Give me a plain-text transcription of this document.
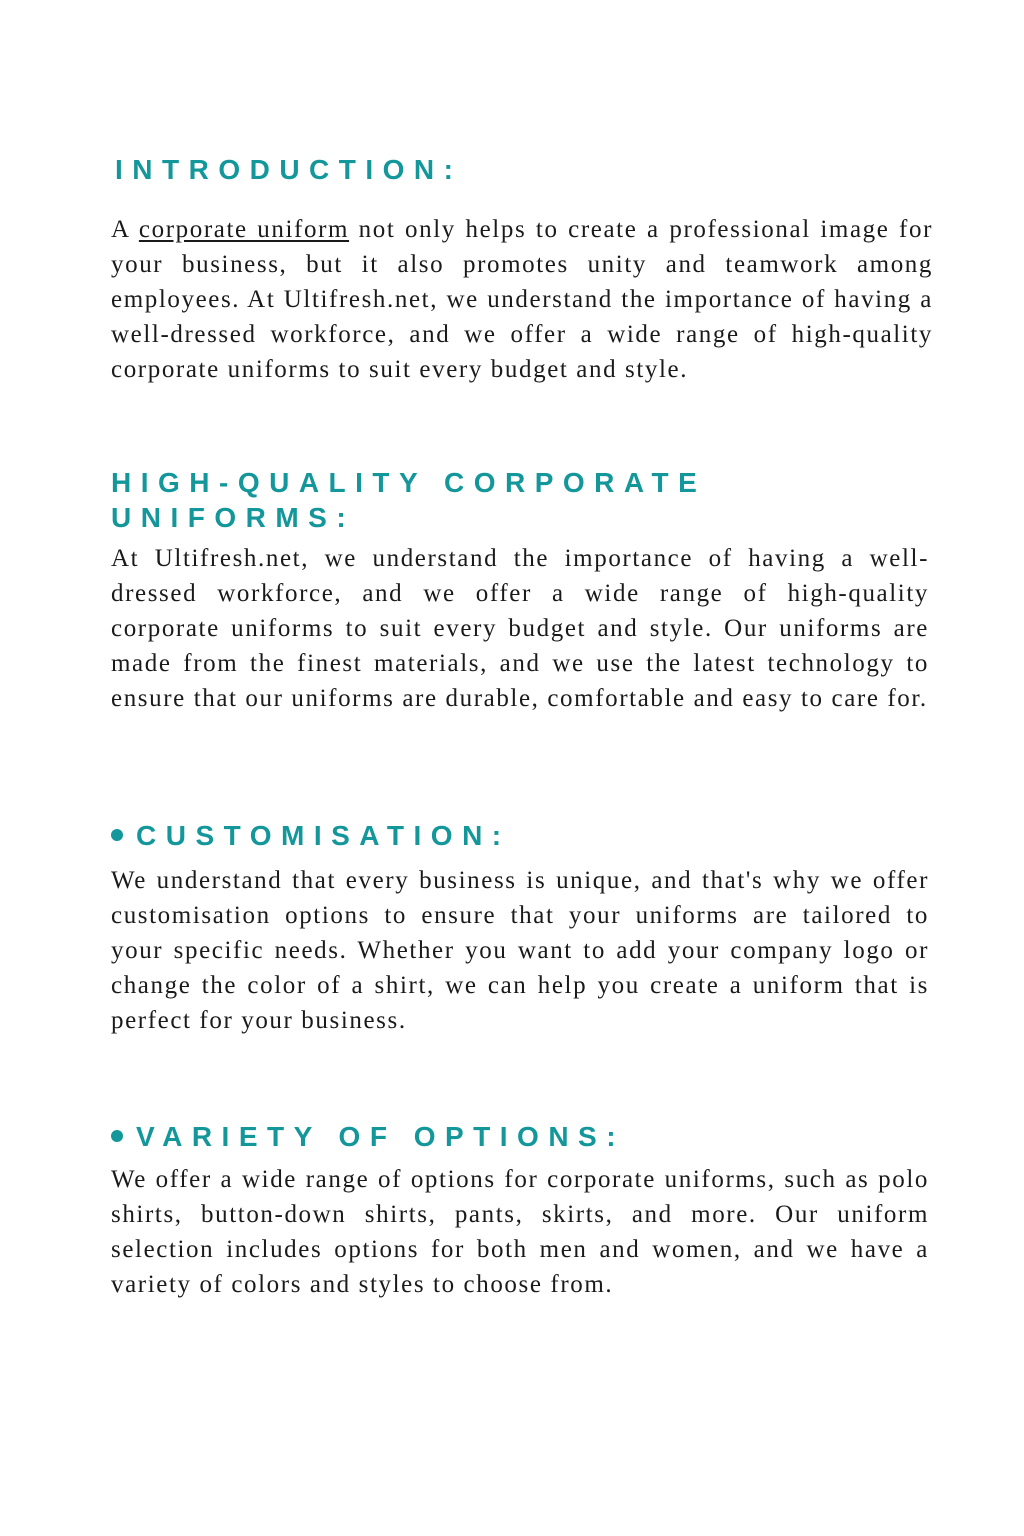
INTRODUCTION:

A corporate uniform not only helps to create a professional image for your business, but it also promotes unity and teamwork among employees. At Ultifresh.net, we understand the importance of having a well-dressed workforce, and we offer a wide range of high-quality corporate uniforms to suit every budget and style.

HIGH-QUALITY CORPORATE
UNIFORMS:

At Ultifresh.net, we understand the importance of having a well-dressed workforce, and we offer a wide range of high-quality corporate uniforms to suit every budget and style. Our uniforms are made from the finest materials, and we use the latest technology to ensure that our uniforms are durable, comfortable and easy to care for.

CUSTOMISATION:

We understand that every business is unique, and that's why we offer customisation options to ensure that your uniforms are tailored to your specific needs. Whether you want to add your company logo or change the color of a shirt, we can help you create a uniform that is perfect for your business.

VARIETY OF OPTIONS:

We offer a wide range of options for corporate uniforms, such as polo shirts, button-down shirts, pants, skirts, and more. Our uniform selection includes options for both men and women, and we have a variety of colors and styles to choose from.
